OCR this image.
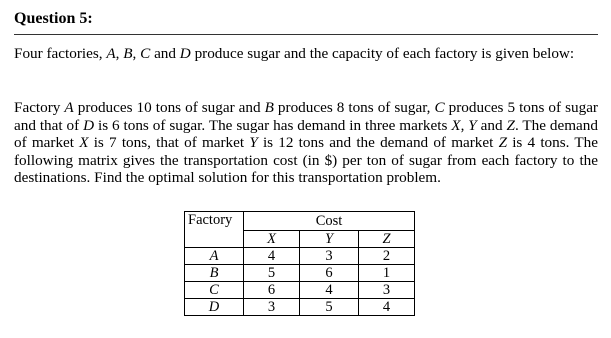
Question 5:
Four factories, A, B, C and D produce sugar and the capacity of each factory is given below:
Factory A produces 10 tons of sugar and B produces 8 tons of sugar, C produces 5 tons of sugar and that of D is 6 tons of sugar. The sugar has demand in three markets X, Y and Z. The demand of market X is 7 tons, that of market Y is 12 tons and the demand of market Z is 4 tons. The following matrix gives the transportation cost (in $) per ton of sugar from each factory to the destinations. Find the optimal solution for this transportation problem.
Factory	Cost		
	X	Y	Z
A	4	3	2
B	5	6	1
C	6	4	3
D	3	5	4
